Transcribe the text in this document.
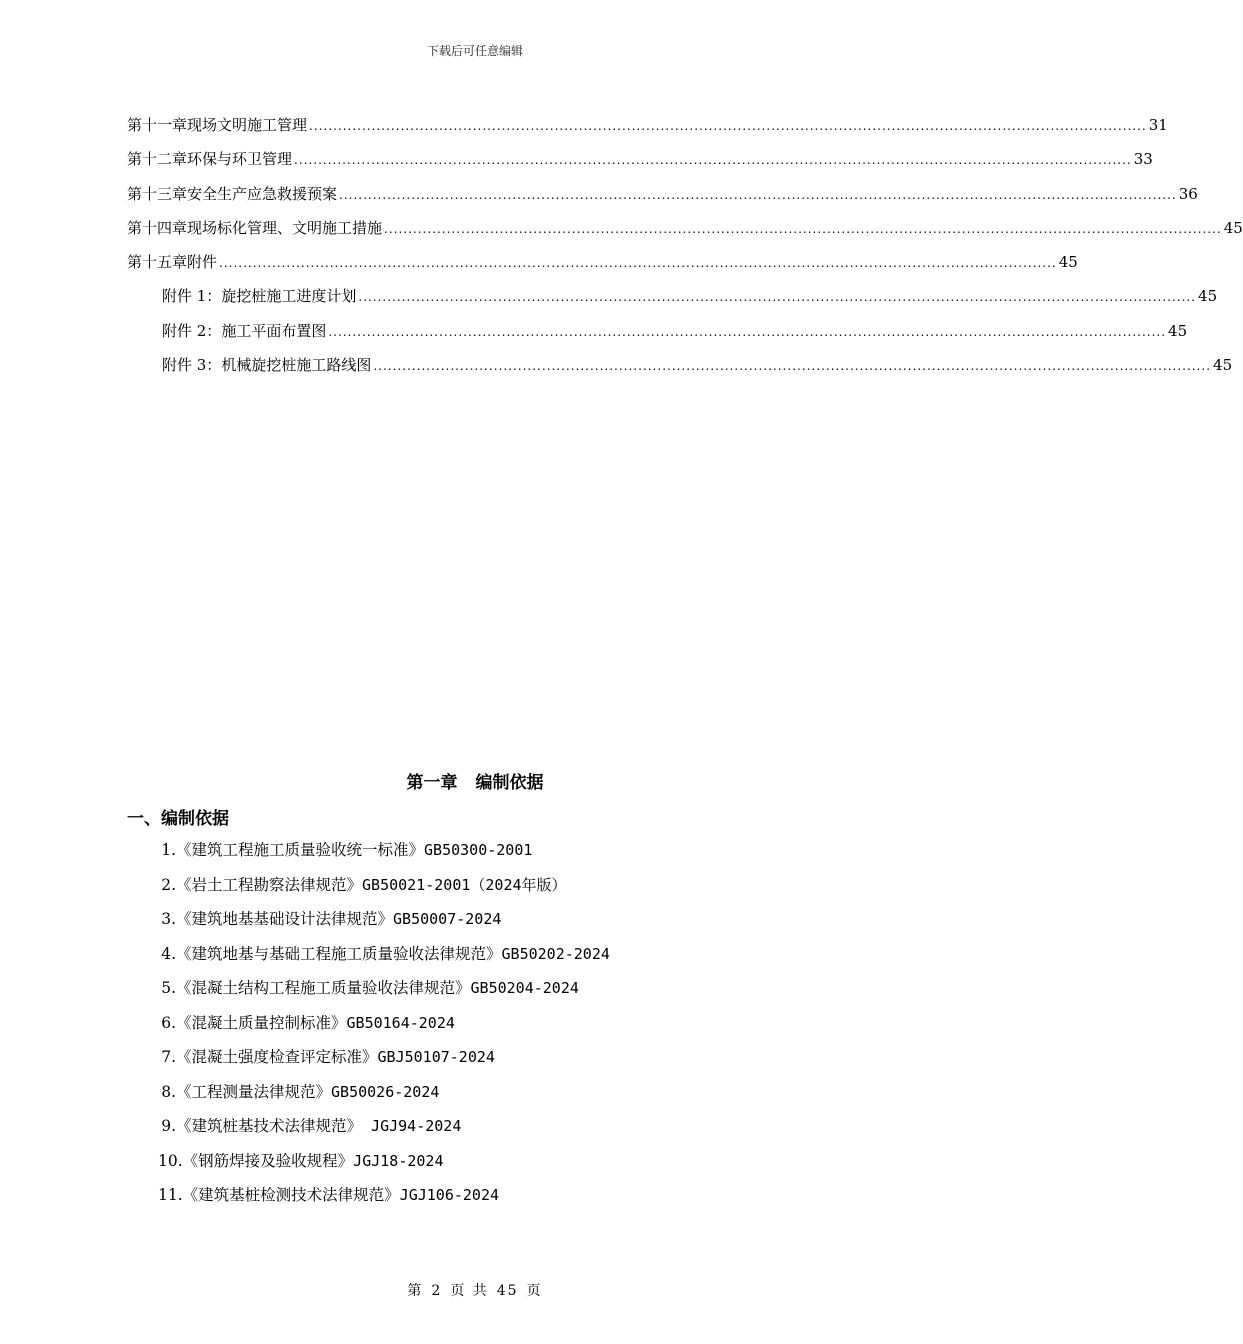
下载后可任意编辑
第十一章 现场文明施工管理 .............................................................................................................................................................................. 31
第十二章 环保与环卫管理 .............................................................................................................................................................................. 33
第十三章 安全生产应急救援预案 .............................................................................................................................................................................. 36
第十四章 现场标化管理、文明施工措施 .............................................................................................................................................................................. 45
第十五章 附件 .............................................................................................................................................................................. 45
附件 1： 旋挖桩施工进度计划 .............................................................................................................................................................................. 45
附件 2： 施工平面布置图 .............................................................................................................................................................................. 45
附件 3： 机械旋挖桩施工路线图 .............................................................................................................................................................................. 45
第一章 编制依据
一、编制依据
1.《建筑工程施工质量验收统一标准》GB50300-2001
2.《岩土工程勘察法律规范》GB50021-2001（2024年版）
3.《建筑地基基础设计法律规范》GB50007-2024
4.《建筑地基与基础工程施工质量验收法律规范》GB50202-2024
5.《混凝土结构工程施工质量验收法律规范》GB50204-2024
6.《混凝土质量控制标准》GB50164-2024
7.《混凝土强度检查评定标准》GBJ50107-2024
8.《工程测量法律规范》GB50026-2024
9.《建筑桩基技术法律规范》 JGJ94-2024
10.《钢筋焊接及验收规程》JGJ18-2024
11.《建筑基桩检测技术法律规范》JGJ106-2024
第 2 页 共 45 页
